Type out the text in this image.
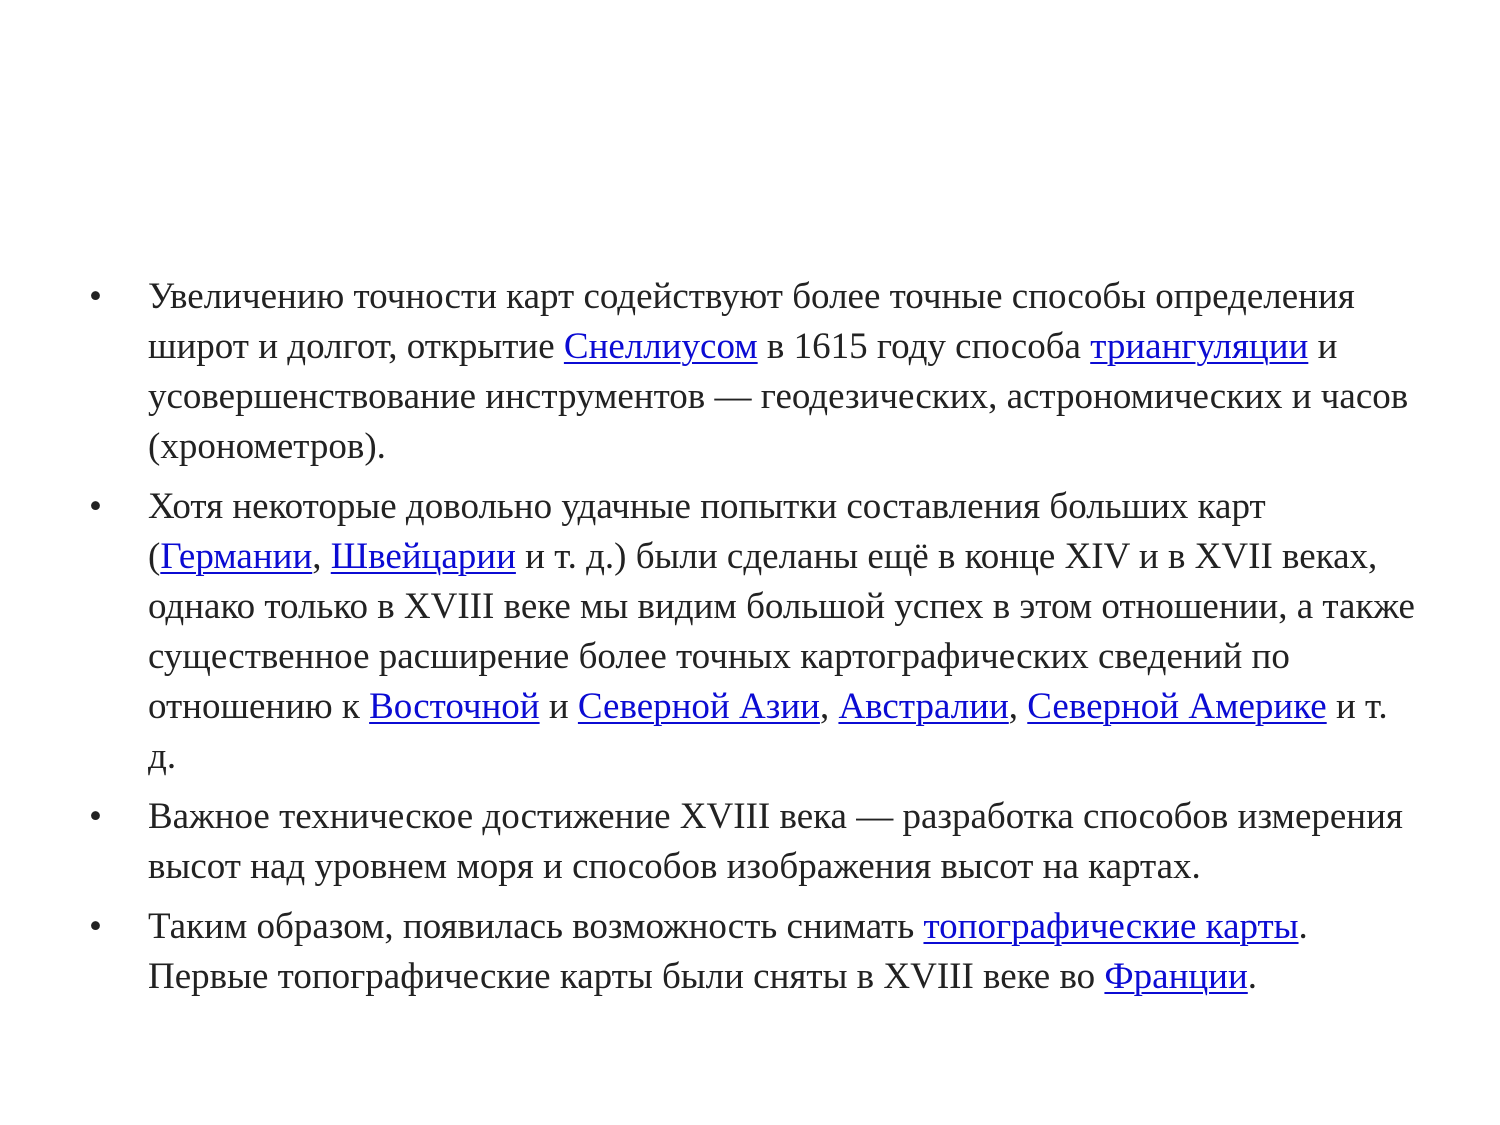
• Увеличению точности карт содействуют более точные способы определения широт и долгот, открытие Снеллиусом в 1615 году способа триангуляции и усовершенствование инструментов — геодезических, астрономических и часов (хронометров).
• Хотя некоторые довольно удачные попытки составления больших карт (Германии, Швейцарии и т. д.) были сделаны ещё в конце XIV и в XVII веках, однако только в XVIII веке мы видим большой успех в этом отношении, а также существенное расширение более точных картографических сведений по отношению к Восточной и Северной Азии, Австралии, Северной Америке и т. д.
• Важное техническое достижение XVIII века — разработка способов измерения высот над уровнем моря и способов изображения высот на картах.
• Таким образом, появилась возможность снимать топографические карты. Первые топографические карты были сняты в XVIII веке во Франции.
